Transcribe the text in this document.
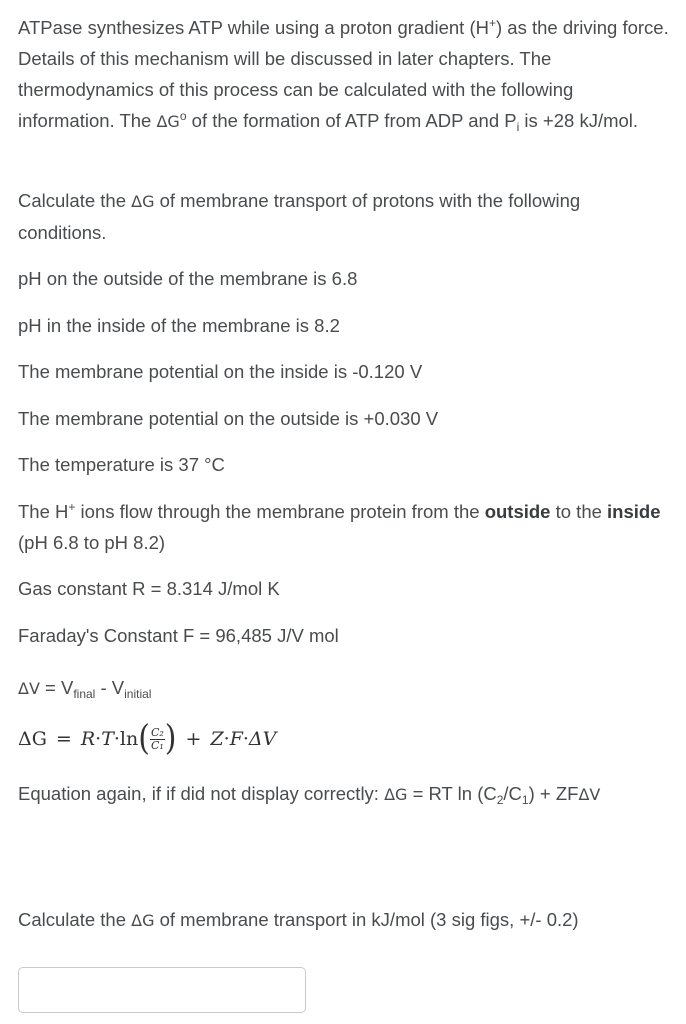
ATPase synthesizes ATP while using a proton gradient (H+) as the driving force. Details of this mechanism will be discussed in later chapters. The thermodynamics of this process can be calculated with the following information. The $\Delta G^o$ of the formation of ATP from ADP and $P_i$ is +28 kJ/mol.
Calculate the ΔG of membrane transport of protons with the following conditions.
pH on the outside of the membrane is 6.8
pH in the inside of the membrane is 8.2
The membrane potential on the inside is -0.120 V
The membrane potential on the outside is +0.030 V
The temperature is 37 °C
The H+ ions flow through the membrane protein from the outside to the inside (pH 6.8 to pH 8.2)
Gas constant R = 8.314 J/mol K
Faraday's Constant F = 96,485 J/V mol
$\Delta V = V_{final} - V_{initial}$
ΔG = R · T · ln ( $\frac{\text{C₂}}{\text{C₁}}$ ) + Z · F · ΔV
Equation again, if if did not display correctly: ΔG = RT $\ln (C_2/C_1) + ZF\Delta V$
Calculate the ΔG of membrane transport in kJ/mol (3 sig figs, +/- 0.2)
